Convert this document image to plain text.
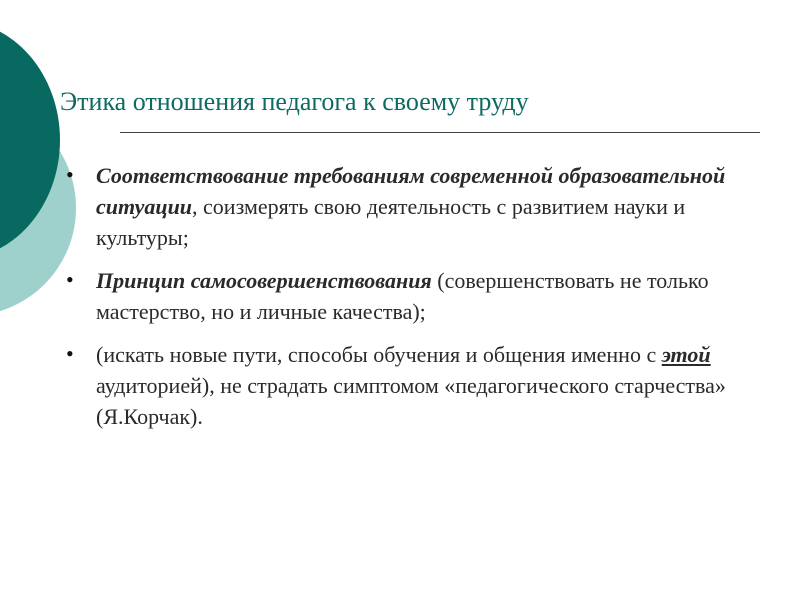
Этика отношения педагога к своему труду
• Соответствование требованиям современной образовательной ситуации, соизмерять свою деятельность с развитием науки и культуры;
• Принцип самосовершенствования (совершенствовать не только мастерство, но и личные качества);
• (искать новые пути, способы обучения и общения именно с этой аудиторией), не страдать симптомом «педагогического старчества» (Я.Корчак).
